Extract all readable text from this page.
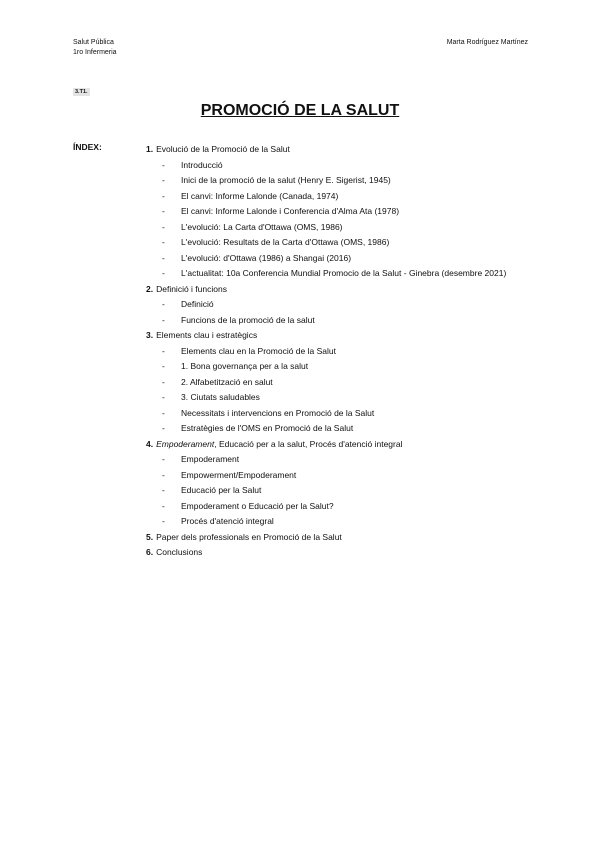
Salut Pública
1ro Infermeria
Marta Rodríguez Martínez
3.T1.
PROMOCIÓ DE LA SALUT
ÍNDEX:	1. Evolució de la Promoció de la Salut
- Introducció
- Inici de la promoció de la salut (Henry E. Sigerist, 1945)
- El canvi: Informe Lalonde (Canada, 1974)
- El canvi: Informe Lalonde i Conferencia d'Alma Ata (1978)
- L'evolució: La Carta d'Ottawa (OMS, 1986)
- L'evolució: Resultats de la Carta d'Ottawa (OMS, 1986)
- L'evolució: d'Ottawa (1986) a Shangai (2016)
- L'actualitat: 10a Conferencia Mundial Promocio de la Salut - Ginebra (desembre 2021)
2. Definició i funcions
- Definició
- Funcions de la promoció de la salut
3. Elements clau i estratègics
- Elements clau en la Promoció de la Salut
- 1. Bona governança per a la salut
- 2. Alfabetització en salut
- 3. Ciutats saludables
- Necessitats i intervencions en Promoció de la Salut
- Estratègies de l'OMS en Promoció de la Salut
4. Empoderament, Educació per a la salut, Procés d'atenció integral
- Empoderament
- Empowerment/Empoderament
- Educació per la Salut
- Empoderament o Educació per la Salut?
- Procés d'atenció integral
5. Paper dels professionals en Promoció de la Salut
6. Conclusions
